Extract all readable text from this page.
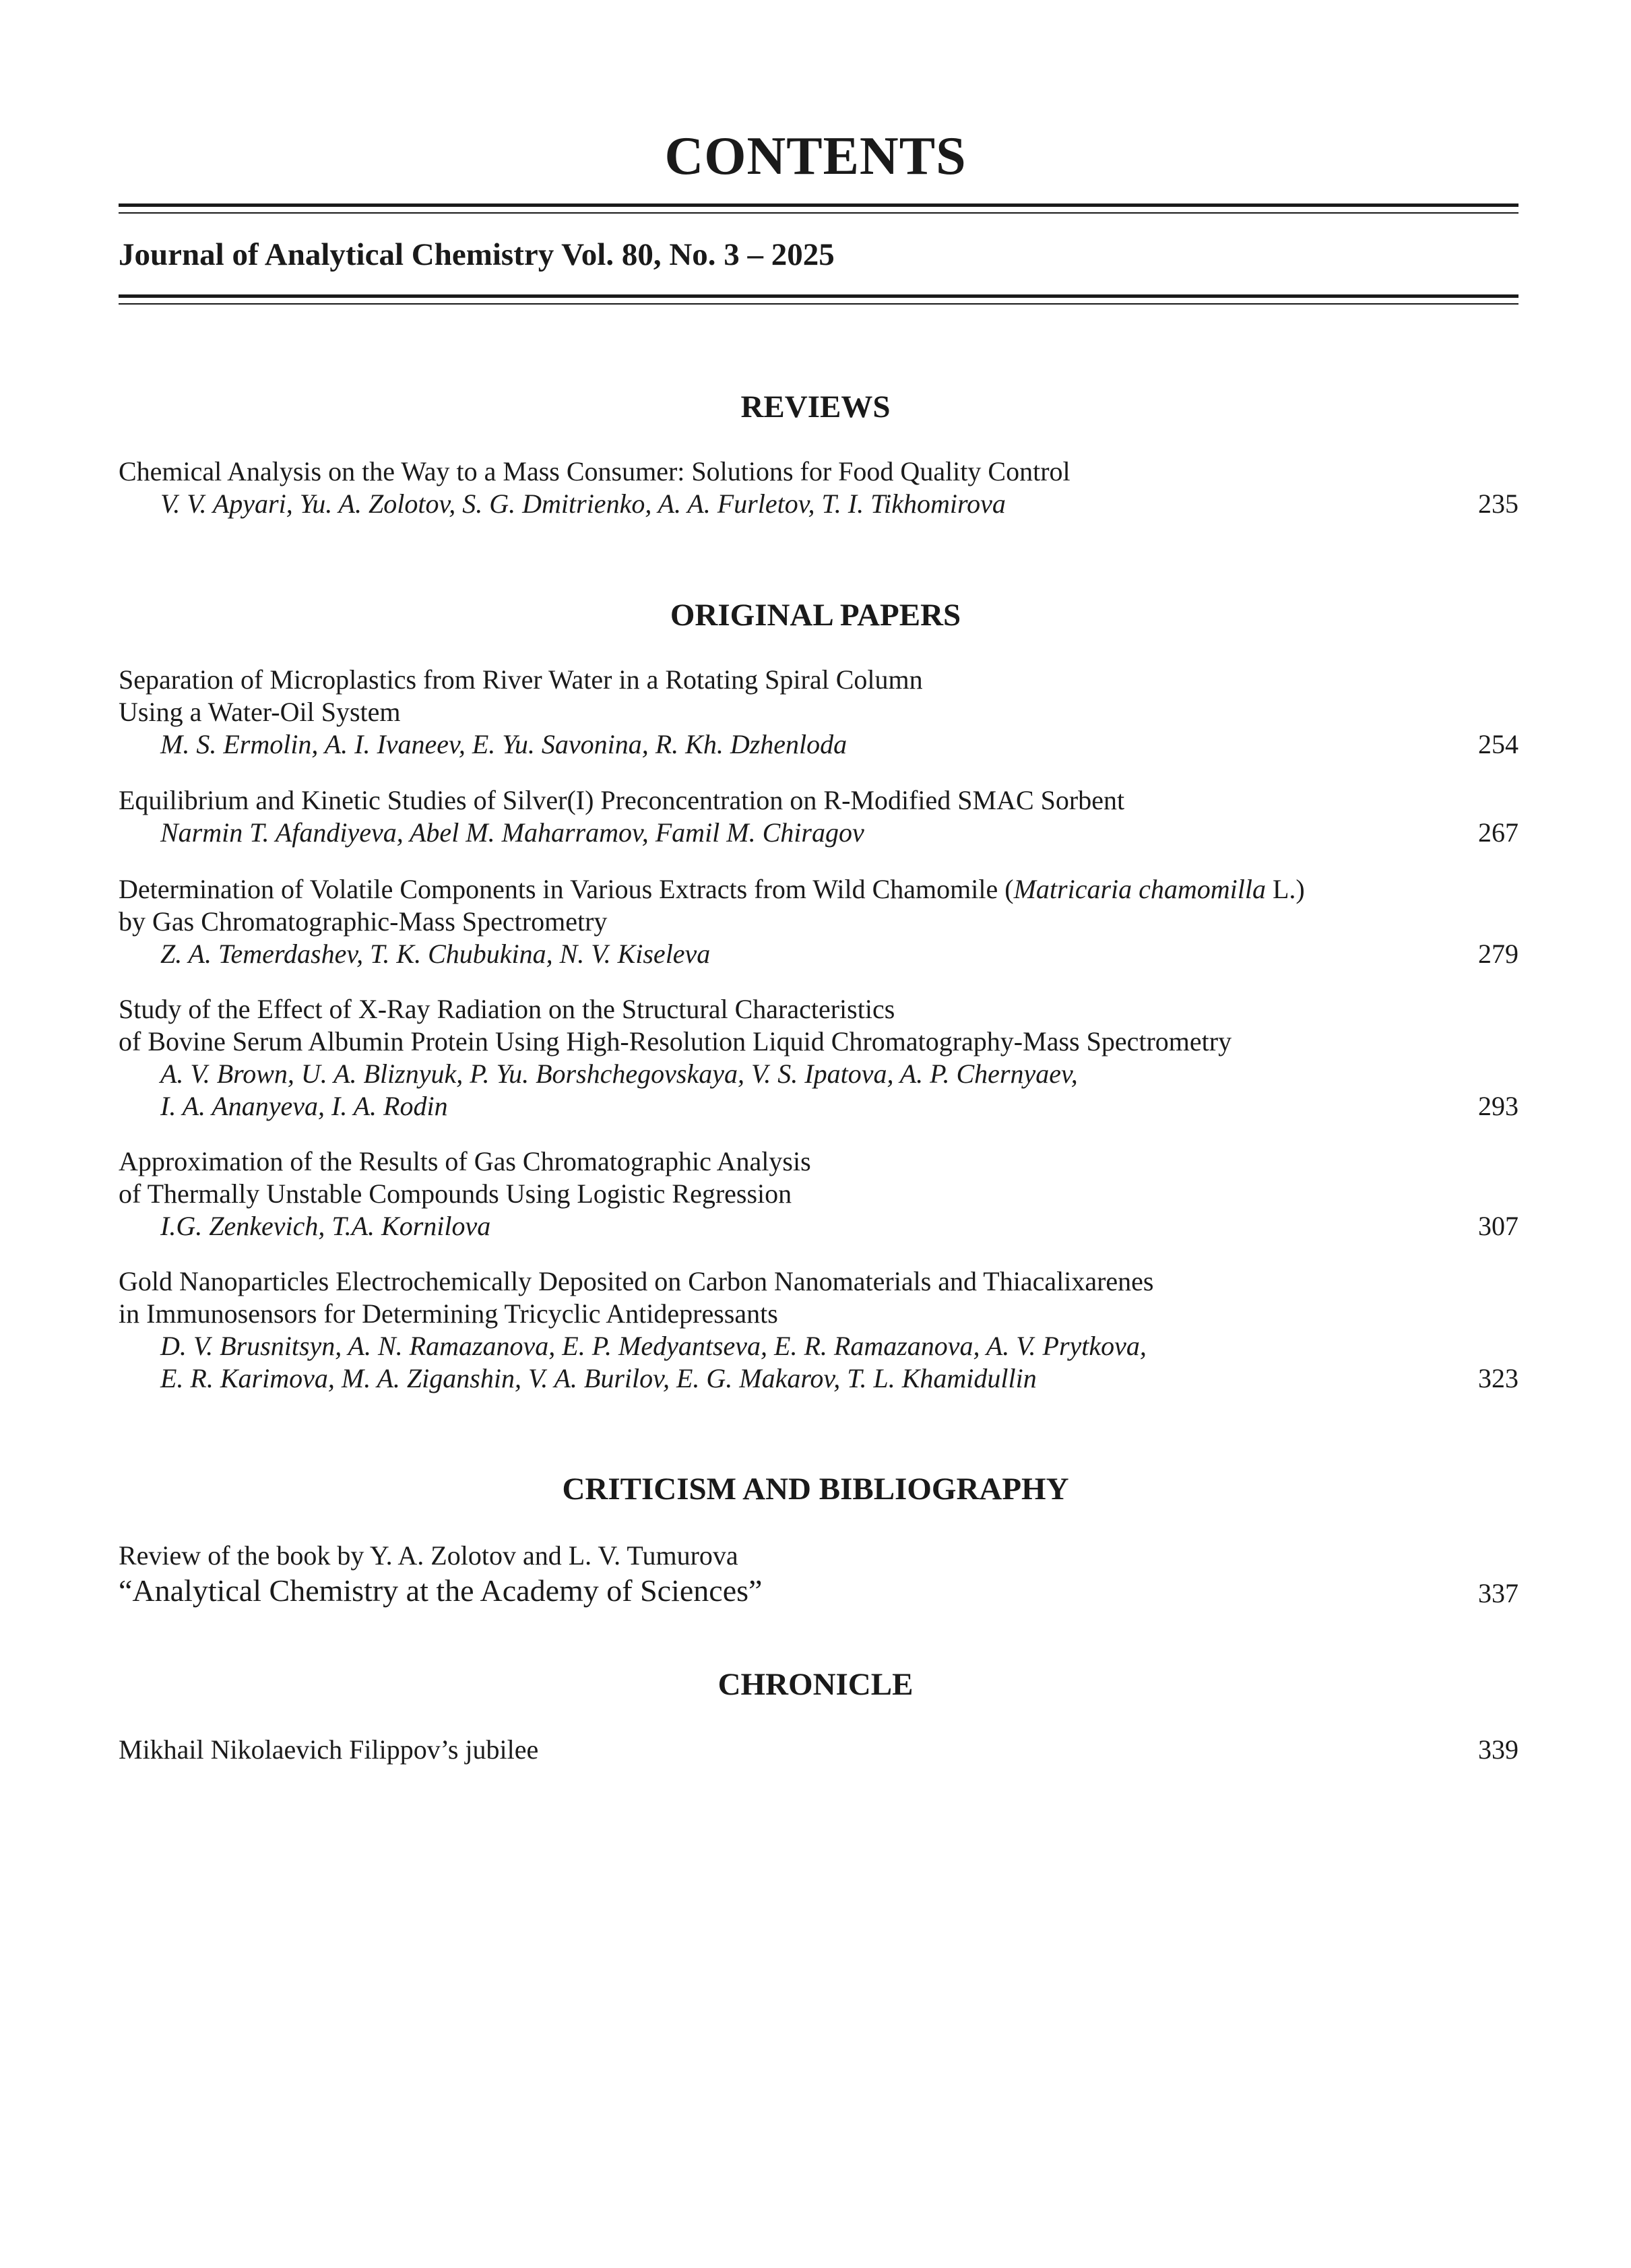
CONTENTS
Journal of Analytical Chemistry Vol. 80, No. 3 – 2025
REVIEWS
Chemical Analysis on the Way to a Mass Consumer: Solutions for Food Quality Control
V. V. Apyari, Yu. A. Zolotov, S. G. Dmitrienko, A. A. Furletov, T. I. Tikhomirova	235
ORIGINAL PAPERS
Separation of Microplastics from River Water in a Rotating Spiral Column
Using a Water-Oil System
M. S. Ermolin, A. I. Ivaneev, E. Yu. Savonina, R. Kh. Dzhenloda	254
Equilibrium and Kinetic Studies of Silver(I) Preconcentration on R-Modified SMAC Sorbent
Narmin T. Afandiyeva, Abel M. Maharramov, Famil M. Chiragov	267
Determination of Volatile Components in Various Extracts from Wild Chamomile (Matricaria chamomilla L.)
by Gas Chromatographic-Mass Spectrometry
Z. A. Temerdashev, T. K. Chubukina, N. V. Kiseleva	279
Study of the Effect of X-Ray Radiation on the Structural Characteristics
of Bovine Serum Albumin Protein Using High-Resolution Liquid Chromatography-Mass Spectrometry
A. V. Brown, U. A. Bliznyuk, P. Yu. Borshchegovskaya, V. S. Ipatova, A. P. Chernyaev,
I. A. Ananyeva, I. A. Rodin	293
Approximation of the Results of Gas Chromatographic Analysis
of Thermally Unstable Compounds Using Logistic Regression
I.G. Zenkevich, T.A. Kornilova	307
Gold Nanoparticles Electrochemically Deposited on Carbon Nanomaterials and Thiacalixarenes
in Immunosensors for Determining Tricyclic Antidepressants
D. V. Brusnitsyn, A. N. Ramazanova, E. P. Medyantseva, E. R. Ramazanova, A. V. Prytkova,
E. R. Karimova, M. A. Ziganshin, V. A. Burilov, E. G. Makarov, T. L. Khamidullin	323
CRITICISM AND BIBLIOGRAPHY
Review of the book by Y. A. Zolotov and L. V. Tumurova
“Analytical Chemistry at the Academy of Sciences”	337
CHRONICLE
Mikhail Nikolaevich Filippov’s jubilee	339
